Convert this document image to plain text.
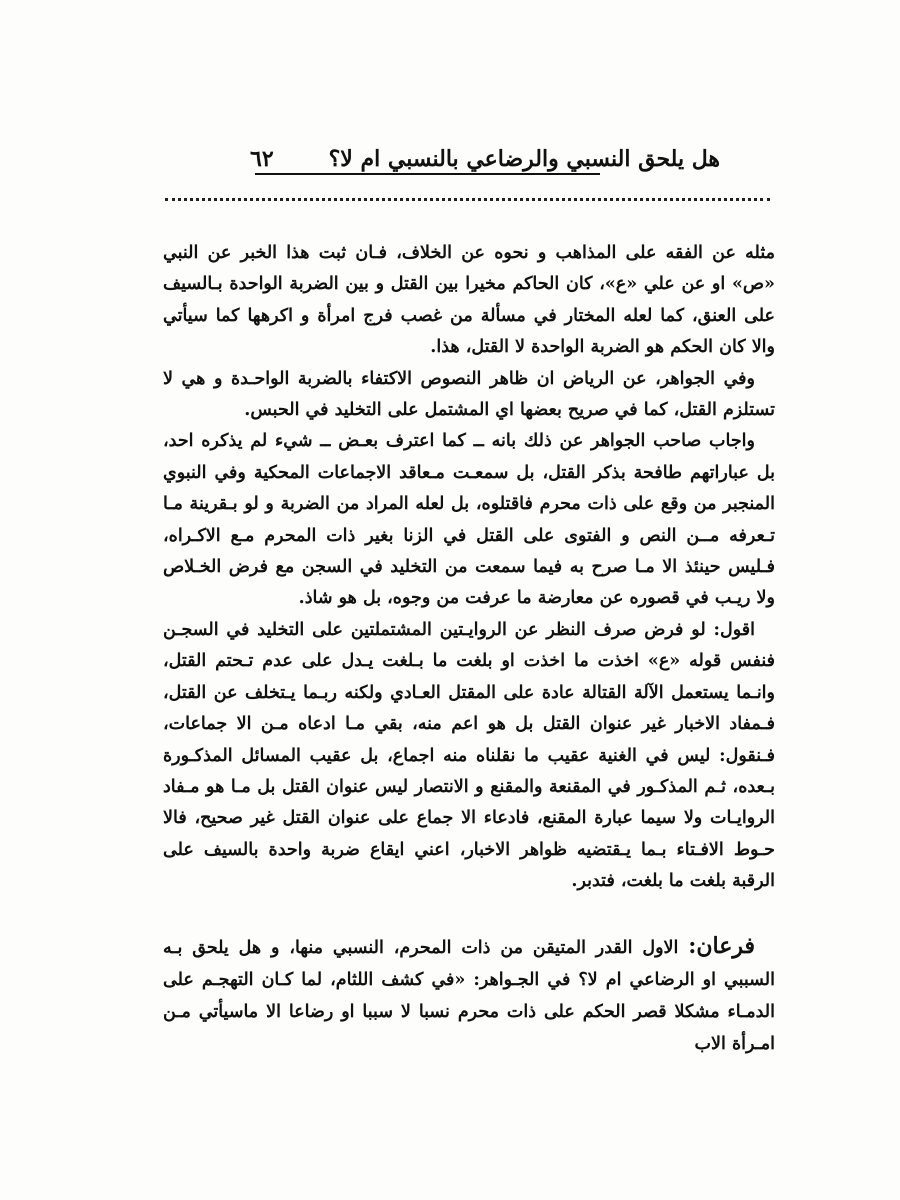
هل يلحق النسبي والرضاعي بالنسبي ام لا؟
٦٢

مثله عن الفقه على المذاهب و نحوه عن الخلاف، فـان ثبت هذا الخبر عن النبي «ص» او عن علي «ع»، كان الحاكم مخيرا بين القتل و بين الضربة الواحدة بـالسيف على العنق، كما لعله المختار في مسألة من غصب فرج امرأة و اكرهها كما سيأتي والا كان الحكم هو الضربة الواحدة لا القتل، هذا.

وفي الجواهر، عن الرياض ان ظاهر النصوص الاكتفاء بالضربة الواحـدة و هي لا تستلزم القتل، كما في صريح بعضها اي المشتمل على التخليد في الحبس.

واجاب صاحب الجواهر عن ذلك بانه ــ كما اعترف بعـض ــ شيء لم يذكره احد، بل عباراتهم طافحة بذكر القتل، بل سمعـت مـعاقد الاجماعات المحكية وفي النبوي المنجبر من وقع على ذات محرم فاقتلوه، بل لعله المراد من الضربة و لو بـقرينة مـا تـعرفه مــن النص و الفتوى على القتل في الزنا بغير ذات المحرم مـع الاكـراه، فـليس حينئذ الا مـا صرح به فيما سمعت من التخليد في السجن مع فرض الخـلاص ولا ريـب في قصوره عن معارضة ما عرفت من وجوه، بل هو شاذ.

اقول: لو فرض صرف النظر عن الروايـتين المشتملتين على التخليد في السجـن فنفس قوله «ع» اخذت ما اخذت او بلغت ما بـلغت يـدل على عدم تـحتم القتل، وانـما يستعمل الآلة القتالة عادة على المقتل العـادي ولكنه ربـما يـتخلف عن القتل، فـمفاد الاخبار غير عنوان القتل بل هو اعم منه، بقي مـا ادعاه مـن الا جماعات، فـنقول: ليس في الغنية عقيب ما نقلناه منه اجماع، بل عقيب المسائل المذكـورة بـعده، ثـم المذكـور في المقنعة والمقنع و الانتصار ليس عنوان القتل بل مـا هو مـفاد الروايـات ولا سيما عبارة المقنع، فادعاء الا جماع على عنوان القتل غير صحيح، فالا حـوط الافـتاء بـما يـقتضيه ظواهر الاخبار، اعني ايقاع ضربة واحدة بالسيف على الرقبة بلغت ما بلغت، فتدبر.

فرعان: الاول القدر المتيقن من ذات المحرم، النسبي منها، و هل يلحق بـه السببي او الرضاعي ام لا؟ في الجـواهر: «في كشف اللثام، لما كـان التهجـم على الدمـاء مشكلا قصر الحكم على ذات محرم نسبا لا سببا او رضاعا الا ماسيأتي مـن امـرأة الاب
